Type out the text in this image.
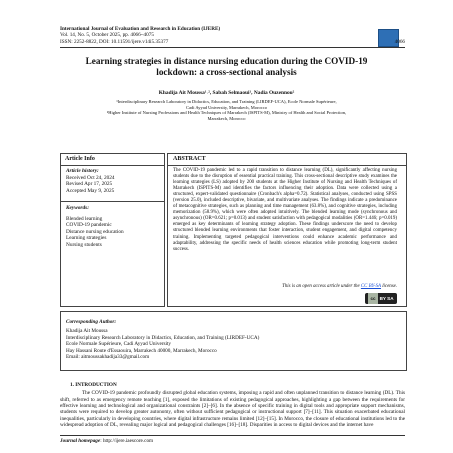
International Journal of Evaluation and Research in Education (IJERE)
Vol. 14, No. 5, October 2025, pp. 4066~4075
ISSN: 2252-8822, DOI: 10.11591/ijere.v14i5.35377	4066
Learning strategies in distance nursing education during the COVID-19 lockdown: a cross-sectional analysis
Khadija Ait Moussa¹˒², Sabah Selmaoui¹, Nadia Ouzennou²
¹Interdisciplinary Research Laboratory in Didactics, Education, and Training (LIRDEF-UCA), Ecole Normale Supérieure,
Cadi Ayyad University, Marrakech, Morocco
²Higher Institute of Nursing Professions and Health Techniques of Marrakech (ISPITS-M), Ministry of Health and Social Protection,
Marrakech, Morocco
Article Info
Article history:
Received Oct 24, 2024
Revised Apr 17, 2025
Accepted May 9, 2025
Keywords:
Blended learning
COVID-19 pandemic
Distance nursing education
Learning strategies
Nursing students
ABSTRACT
The COVID-19 pandemic led to a rapid transition to distance learning (DL), significantly affecting nursing students due to the disruption of essential practical training. This cross-sectional descriptive study examines the learning strategies (LS) adopted by 200 students at the Higher Institute of Nursing and Health Techniques of Marrakech (ISPITS-M) and identifies the factors influencing their adoption. Data were collected using a structured, expert-validated questionnaire (Cronbach's alpha=0.72). Statistical analyses, conducted using SPSS (version 25.0), included descriptive, bivariate, and multivariate analyses. The findings indicate a predominance of metacognitive strategies, such as planning and time management (63.8%), and cognitive strategies, including memorization (58.9%), which were often adopted intuitively. The blended learning mode (synchronous and asynchronous) (OR=0.621; p=0.013) and student satisfaction with pedagogical modalities (OR=1.446; p=0.019) emerged as key determinants of learning strategy adoption. These findings underscore the need to develop structured blended learning environments that foster interaction, student engagement, and digital competency training. Implementing targeted pedagogical interventions could enhance academic performance and adaptability, addressing the specific needs of health sciences education while promoting long-term student success.
This is an open access article under the CC BY-SA license.
cc BY SA
Corresponding Author:
Khadija Ait Moussa
Interdisciplinary Research Laboratory in Didactics, Education, and Training (LIRDEF-UCA)
Ecole Normale Supérieure, Cadi Ayyad University
Hay Hassani Route d'Essaouira, Marrakech 40000, Marrakech, Morocco
Email: aitmoussakhadija33@gmail.com
1. INTRODUCTION

The COVID-19 pandemic profoundly disrupted global education systems, imposing a rapid and often unplanned transition to distance learning (DL). This shift, referred to as emergency remote teaching [1], exposed the limitations of existing pedagogical approaches, highlighting a gap between the requirements for effective learning and technological and organizational constraints [2]–[6]. In the absence of specific training in digital tools and appropriate support mechanisms, students were required to develop greater autonomy, often without sufficient pedagogical or instructional support [7]–[11]. This situation exacerbated educational inequalities, particularly in developing countries, where digital infrastructure remains limited [12]–[15]. In Morocco, the closure of educational institutions led to the widespread adoption of DL, revealing major logical and pedagogical challenges [16]–[18]. Disparities in access to digital devices and the internet have

Journal homepage: http://ijere.iaescore.com
